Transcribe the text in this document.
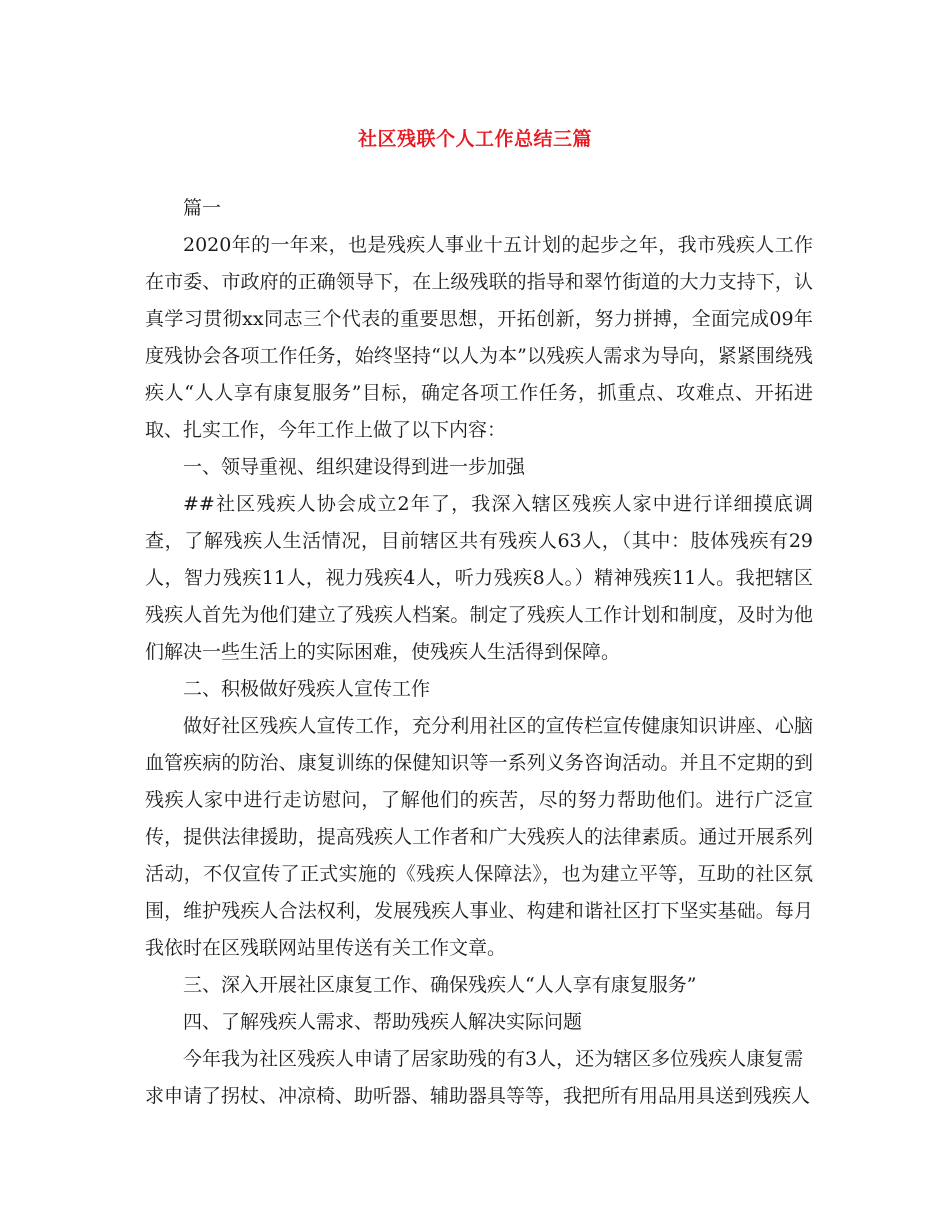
社区残联个人工作总结三篇

篇一

2020年的一年来，也是残疾人事业十五计划的起步之年，我市残疾人工作在市委、市政府的正确领导下，在上级残联的指导和翠竹街道的大力支持下，认真学习贯彻xx同志三个代表的重要思想，开拓创新，努力拼搏，全面完成09年度残协会各项工作任务，始终坚持“以人为本”以残疾人需求为导向，紧紧围绕残疾人“人人享有康复服务”目标，确定各项工作任务，抓重点、攻难点、开拓进取、扎实工作，今年工作上做了以下内容：

一、领导重视、组织建设得到进一步加强

##社区残疾人协会成立2年了，我深入辖区残疾人家中进行详细摸底调查，了解残疾人生活情况，目前辖区共有残疾人63人，（其中：肢体残疾有29人，智力残疾11人，视力残疾4人，听力残疾8人。）精神残疾11人。我把辖区残疾人首先为他们建立了残疾人档案。制定了残疾人工作计划和制度，及时为他们解决一些生活上的实际困难，使残疾人生活得到保障。

二、积极做好残疾人宣传工作

做好社区残疾人宣传工作，充分利用社区的宣传栏宣传健康知识讲座、心脑血管疾病的防治、康复训练的保健知识等一系列义务咨询活动。并且不定期的到残疾人家中进行走访慰问，了解他们的疾苦，尽的努力帮助他们。进行广泛宣传，提供法律援助，提高残疾人工作者和广大残疾人的法律素质。通过开展系列活动，不仅宣传了正式实施的《残疾人保障法》，也为建立平等，互助的社区氛围，维护残疾人合法权利，发展残疾人事业、构建和谐社区打下坚实基础。每月我依时在区残联网站里传送有关工作文章。

三、深入开展社区康复工作、确保残疾人“人人享有康复服务”

四、了解残疾人需求、帮助残疾人解决实际问题

今年我为社区残疾人申请了居家助残的有3人，还为辖区多位残疾人康复需求申请了拐杖、冲凉椅、助听器、辅助器具等等，我把所有用品用具送到残疾人
